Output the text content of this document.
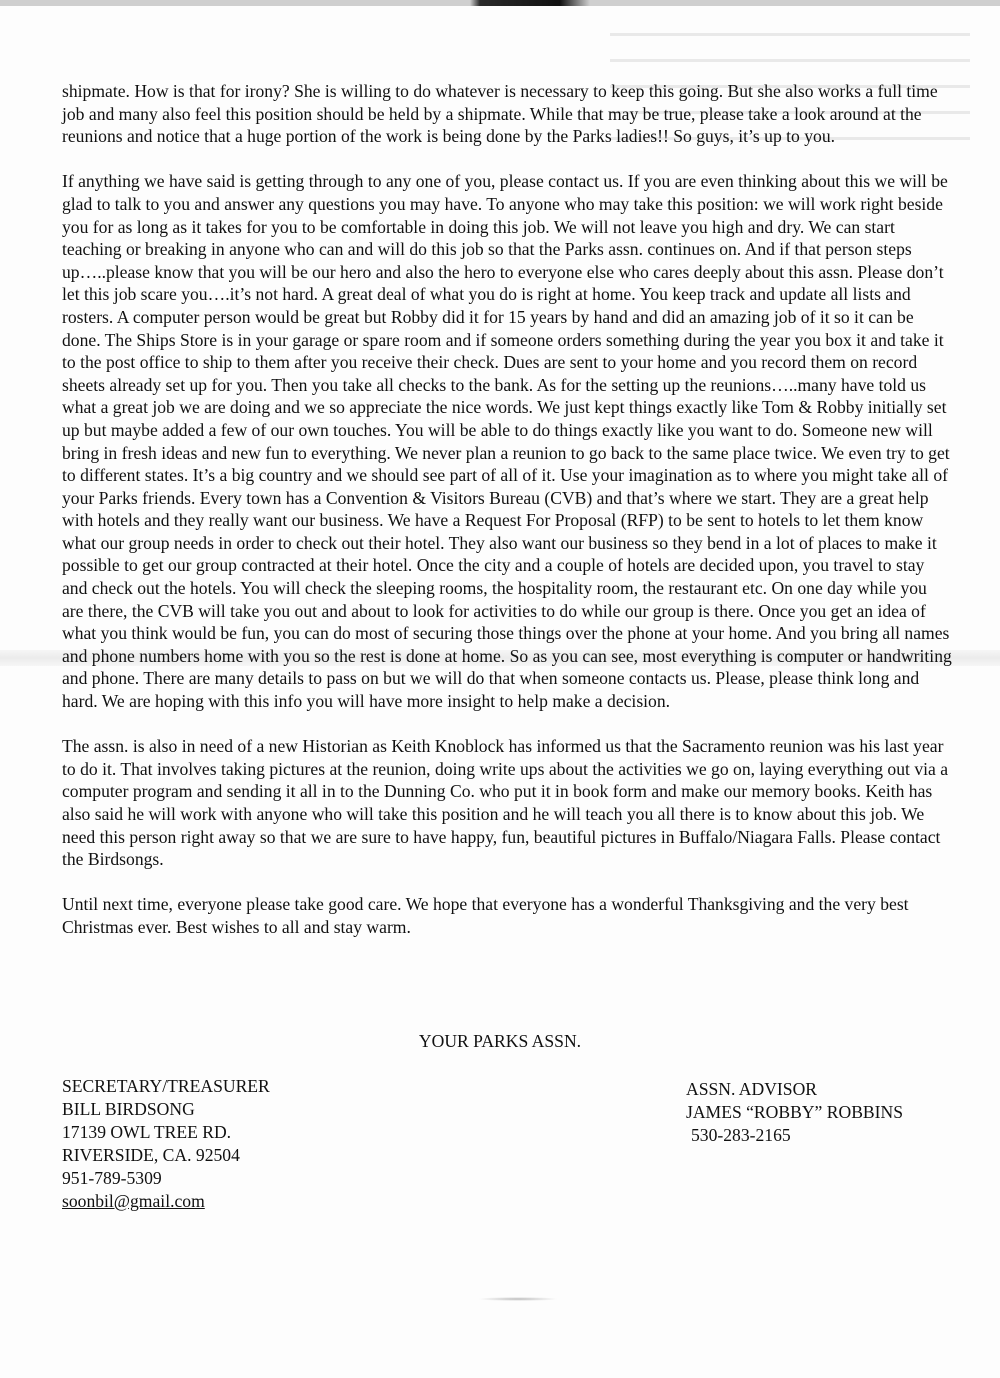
shipmate. How is that for irony? She is willing to do whatever is necessary to keep this going. But she also works a full time job and many also feel this position should be held by a shipmate. While that may be true, please take a look around at the reunions and notice that a huge portion of the work is being done by the Parks ladies!! So guys, it’s up to you.

If anything we have said is getting through to any one of you, please contact us. If you are even thinking about this we will be glad to talk to you and answer any questions you may have. To anyone who may take this position: we will work right beside you for as long as it takes for you to be comfortable in doing this job. We will not leave you high and dry. We can start teaching or breaking in anyone who can and will do this job so that the Parks assn. continues on. And if that person steps up…..please know that you will be our hero and also the hero to everyone else who cares deeply about this assn. Please don’t let this job scare you….it’s not hard. A great deal of what you do is right at home. You keep track and update all lists and rosters. A computer person would be great but Robby did it for 15 years by hand and did an amazing job of it so it can be done. The Ships Store is in your garage or spare room and if someone orders something during the year you box it and take it to the post office to ship to them after you receive their check. Dues are sent to your home and you record them on record sheets already set up for you. Then you take all checks to the bank. As for the setting up the reunions…..many have told us what a great job we are doing and we so appreciate the nice words. We just kept things exactly like Tom & Robby initially set up but maybe added a few of our own touches. You will be able to do things exactly like you want to do. Someone new will bring in fresh ideas and new fun to everything. We never plan a reunion to go back to the same place twice. We even try to get to different states. It’s a big country and we should see part of all of it. Use your imagination as to where you might take all of your Parks friends. Every town has a Convention & Visitors Bureau (CVB) and that’s where we start. They are a great help with hotels and they really want our business. We have a Request For Proposal (RFP) to be sent to hotels to let them know what our group needs in order to check out their hotel. They also want our business so they bend in a lot of places to make it possible to get our group contracted at their hotel. Once the city and a couple of hotels are decided upon, you travel to stay and check out the hotels. You will check the sleeping rooms, the hospitality room, the restaurant etc. On one day while you are there, the CVB will take you out and about to look for activities to do while our group is there. Once you get an idea of what you think would be fun, you can do most of securing those things over the phone at your home. And you bring all names and phone numbers home with you so the rest is done at home. So as you can see, most everything is computer or handwriting and phone. There are many details to pass on but we will do that when someone contacts us. Please, please think long and hard. We are hoping with this info you will have more insight to help make a decision.

The assn. is also in need of a new Historian as Keith Knoblock has informed us that the Sacramento reunion was his last year to do it. That involves taking pictures at the reunion, doing write ups about the activities we go on, laying everything out via a computer program and sending it all in to the Dunning Co. who put it in book form and make our memory books. Keith has also said he will work with anyone who will take this position and he will teach you all there is to know about this job. We need this person right away so that we are sure to have happy, fun, beautiful pictures in Buffalo/Niagara Falls. Please contact the Birdsongs.

Until next time, everyone please take good care. We hope that everyone has a wonderful Thanksgiving and the very best Christmas ever. Best wishes to all and stay warm.

YOUR PARKS ASSN.
SECRETARY/TREASURER
BILL BIRDSONG
17139 OWL TREE RD.
RIVERSIDE, CA. 92504
951-789-5309
soonbil@gmail.com
ASSN. ADVISOR
JAMES “ROBBY” ROBBINS
530-283-2165
